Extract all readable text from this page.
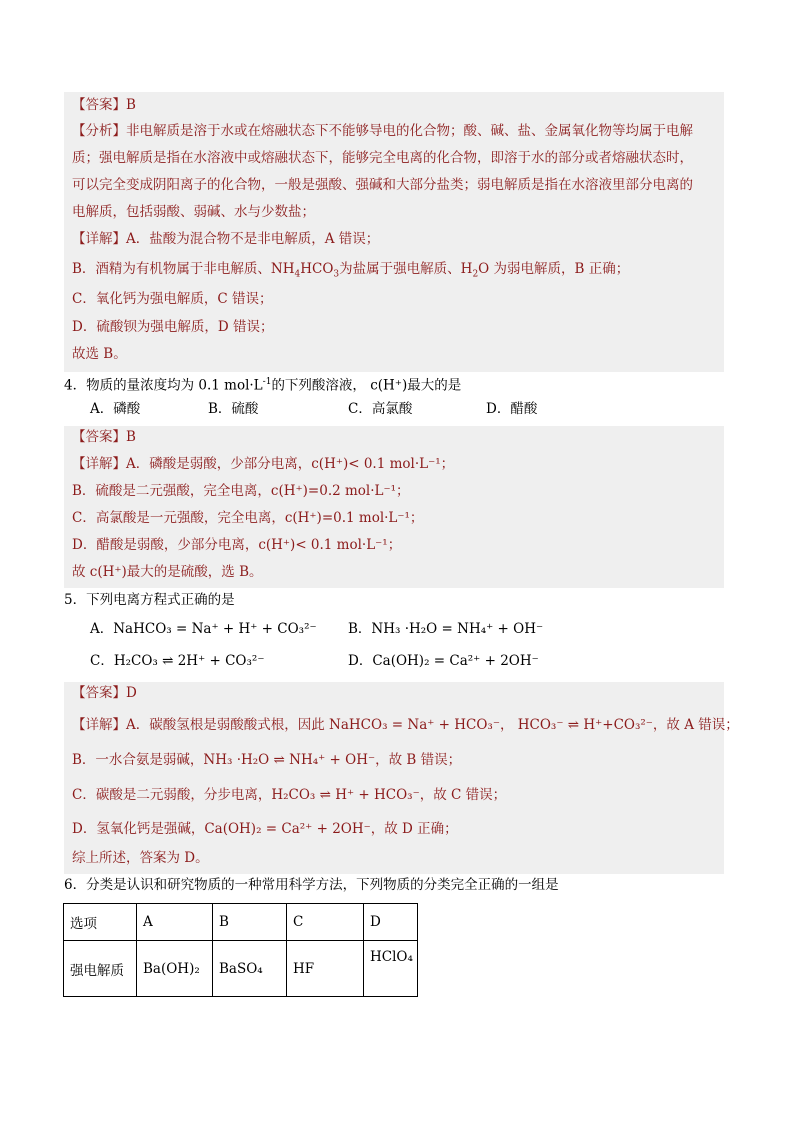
【答案】B
【分析】非电解质是溶于水或在熔融状态下不能够导电的化合物；酸、碱、盐、金属氧化物等均属于电解
质；强电解质是指在水溶液中或熔融状态下，能够完全电离的化合物，即溶于水的部分或者熔融状态时，
可以完全变成阴阳离子的化合物，一般是强酸、强碱和大部分盐类；弱电解质是指在水溶液里部分电离的
电解质，包括弱酸、弱碱、水与少数盐；
【详解】A．盐酸为混合物不是非电解质，A 错误；
B．酒精为有机物属于非电解质、$NH_4HCO_3$为盐属于强电解质、$H_2O$ 为弱电解质，B 正确；
C．氧化钙为强电解质，C 错误；
D．硫酸钡为强电解质，D 错误；
故选 B。
4．物质的量浓度均为 0.1 $mol\cdot L^{-1}$的下列酸溶液， c(H⁺)最大的是
A．磷酸	B．硫酸	C．高氯酸	D．醋酸
【答案】B
【详解】A．磷酸是弱酸，少部分电离，c(H⁺)< 0.1 mol·L⁻¹；
B．硫酸是二元强酸，完全电离，c(H⁺)=0.2 mol·L⁻¹；
C．高氯酸是一元强酸，完全电离，c(H⁺)=0.1 mol·L⁻¹；
D．醋酸是弱酸，少部分电离，c(H⁺)< 0.1 mol·L⁻¹；
故 c(H⁺)最大的是硫酸，选 B。
5．下列电离方程式正确的是
A．NaHCO₃ = Na⁺ + H⁺ + CO₃²⁻ B．NH₃ ·H₂O = NH₄⁺ + OH⁻
C．H₂CO₃ ⇌ 2H⁺ + CO₃²⁻	D．Ca(OH)₂ = Ca²⁺ + 2OH⁻
【答案】D
【详解】A．碳酸氢根是弱酸酸式根，因此 NaHCO₃ = Na⁺ + HCO₃⁻， HCO₃⁻ ⇌ H⁺+CO₃²⁻，故 A 错误；
B．一水合氨是弱碱，NH₃ ·H₂O ⇌ NH₄⁺ + OH⁻，故 B 错误；
C．碳酸是二元弱酸，分步电离，H₂CO₃ ⇌ H⁺ + HCO₃⁻，故 C 错误；
D．氢氧化钙是强碱，Ca(OH)₂ = Ca²⁺ + 2OH⁻，故 D 正确；
综上所述，答案为 D。
6．分类是认识和研究物质的一种常用科学方法，下列物质的分类完全正确的一组是
选项	A	B	C	D
强电解质	Ba(OH)₂	BaSO₄	HF	HClO₄
